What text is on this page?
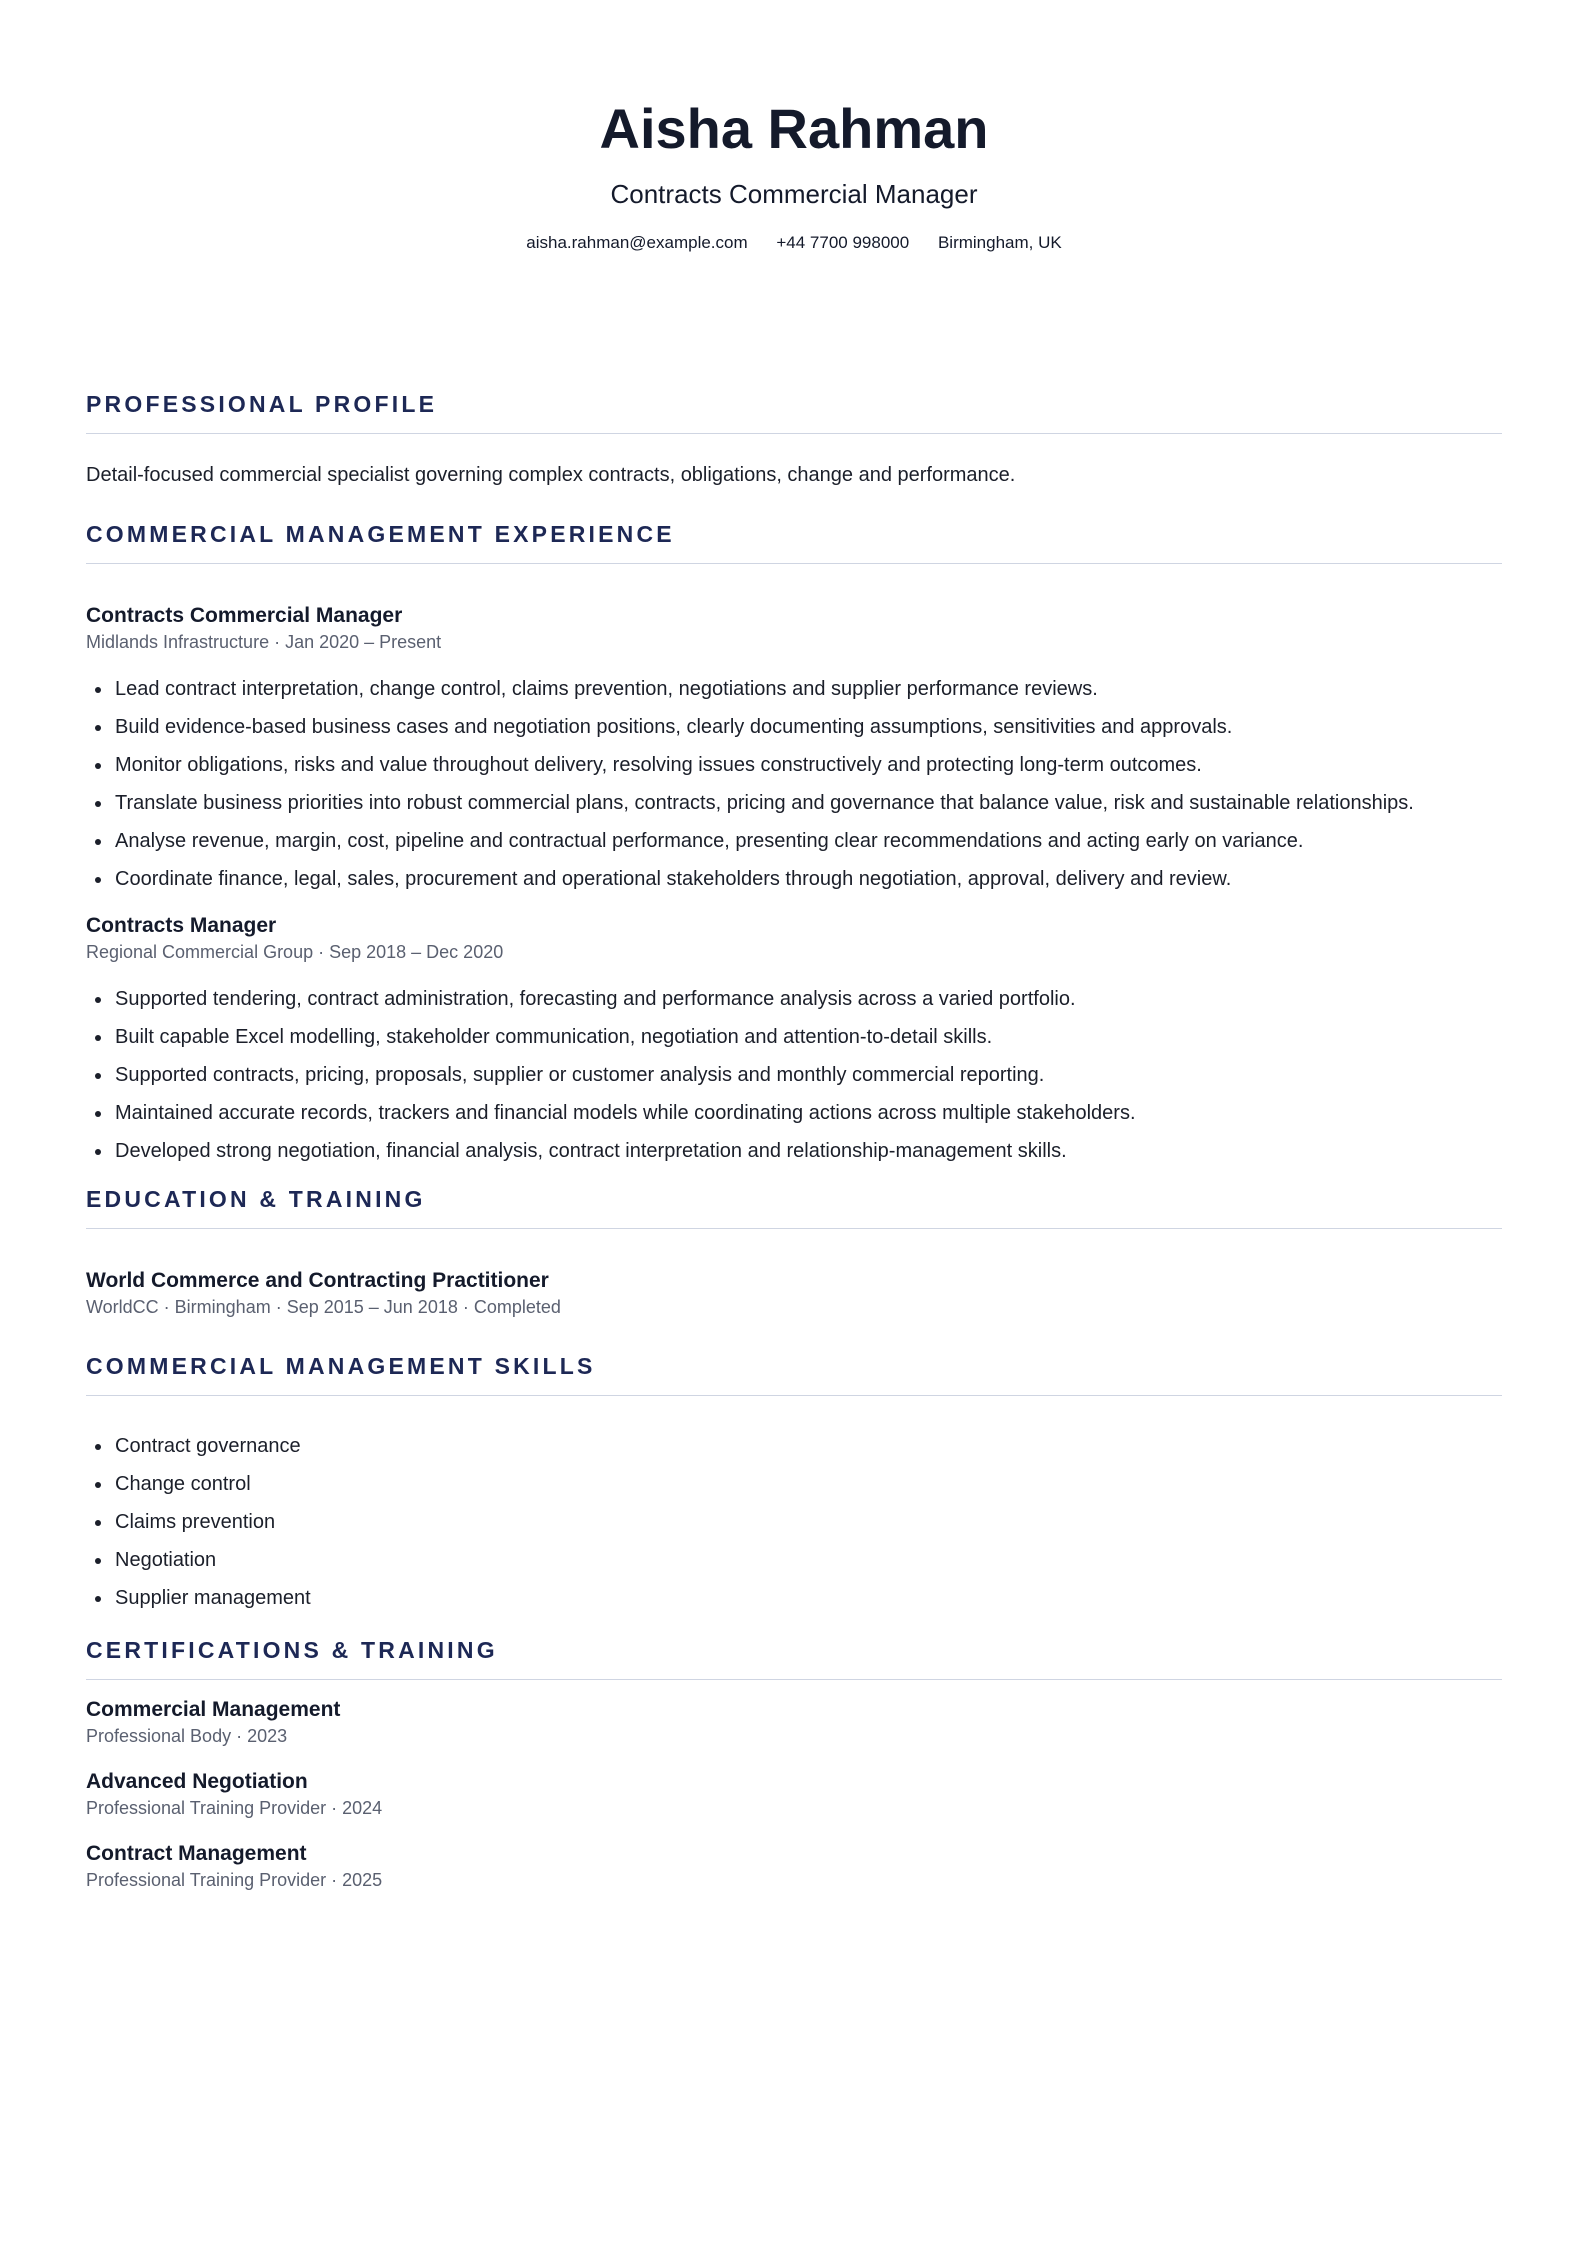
Aisha Rahman
Contracts Commercial Manager
aisha.rahman@example.com +44 7700 998000 Birmingham, UK
PROFESSIONAL PROFILE
Detail-focused commercial specialist governing complex contracts, obligations, change and performance.
COMMERCIAL MANAGEMENT EXPERIENCE
Contracts Commercial Manager
Midlands Infrastructure · Jan 2020 – Present
Lead contract interpretation, change control, claims prevention, negotiations and supplier performance reviews.
Build evidence-based business cases and negotiation positions, clearly documenting assumptions, sensitivities and approvals.
Monitor obligations, risks and value throughout delivery, resolving issues constructively and protecting long-term outcomes.
Translate business priorities into robust commercial plans, contracts, pricing and governance that balance value, risk and sustainable relationships.
Analyse revenue, margin, cost, pipeline and contractual performance, presenting clear recommendations and acting early on variance.
Coordinate finance, legal, sales, procurement and operational stakeholders through negotiation, approval, delivery and review.
Contracts Manager
Regional Commercial Group · Sep 2018 – Dec 2020
Supported tendering, contract administration, forecasting and performance analysis across a varied portfolio.
Built capable Excel modelling, stakeholder communication, negotiation and attention-to-detail skills.
Supported contracts, pricing, proposals, supplier or customer analysis and monthly commercial reporting.
Maintained accurate records, trackers and financial models while coordinating actions across multiple stakeholders.
Developed strong negotiation, financial analysis, contract interpretation and relationship-management skills.
EDUCATION & TRAINING
World Commerce and Contracting Practitioner
WorldCC · Birmingham · Sep 2015 – Jun 2018 · Completed
COMMERCIAL MANAGEMENT SKILLS
Contract governance
Change control
Claims prevention
Negotiation
Supplier management
CERTIFICATIONS & TRAINING
Commercial Management
Professional Body · 2023
Advanced Negotiation
Professional Training Provider · 2024
Contract Management
Professional Training Provider · 2025
